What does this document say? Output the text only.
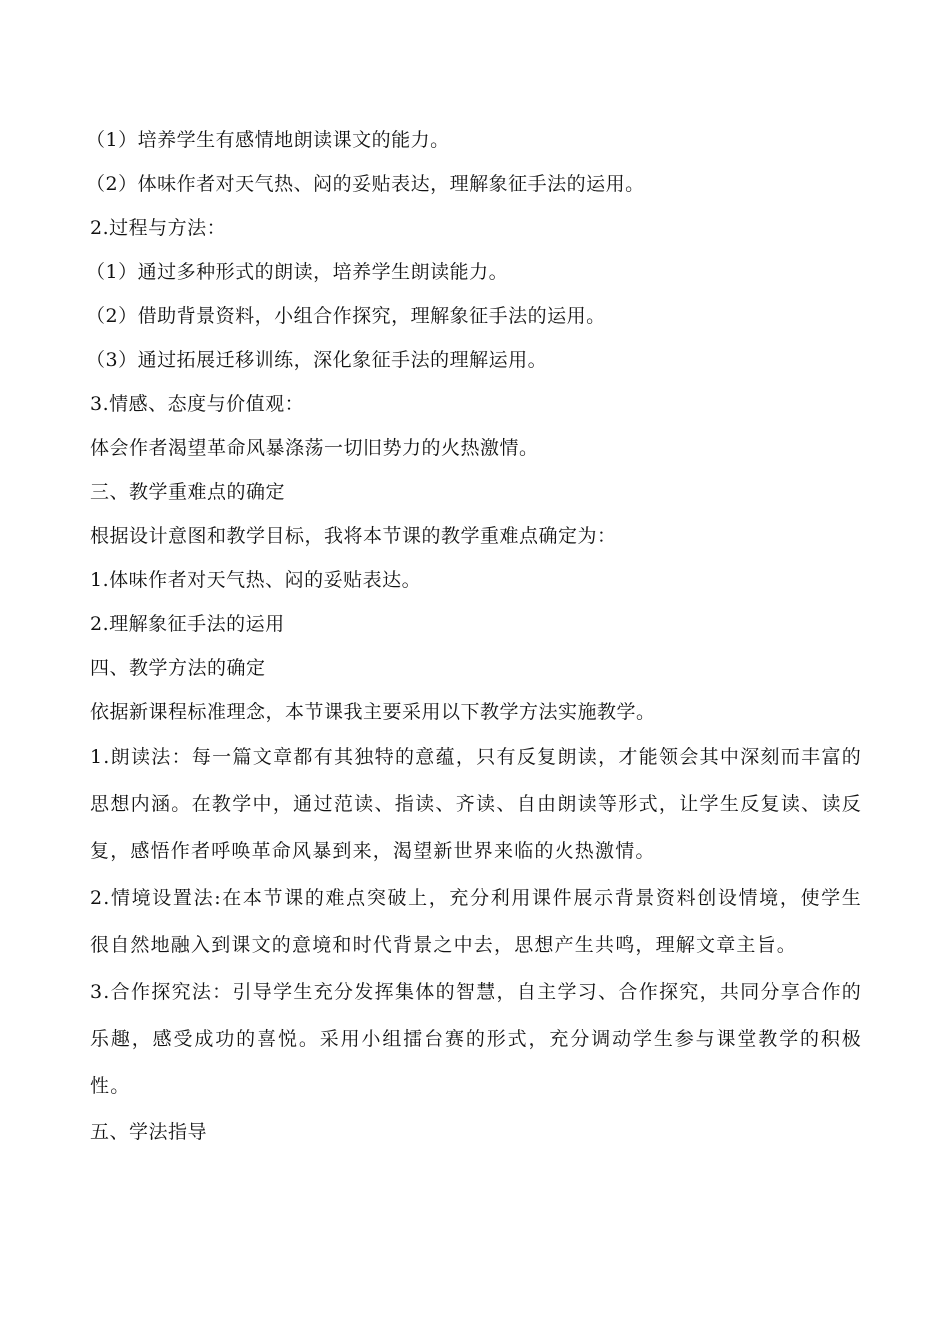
（1）培养学生有感情地朗读课文的能力。
（2）体味作者对天气热、闷的妥贴表达，理解象征手法的运用。
2.过程与方法：
（1）通过多种形式的朗读，培养学生朗读能力。
（2）借助背景资料，小组合作探究，理解象征手法的运用。
（3）通过拓展迁移训练，深化象征手法的理解运用。
3.情感、态度与价值观：
体会作者渴望革命风暴涤荡一切旧势力的火热激情。
三、教学重难点的确定
根据设计意图和教学目标，我将本节课的教学重难点确定为：
1.体味作者对天气热、闷的妥贴表达。
2.理解象征手法的运用
四、教学方法的确定
依据新课程标准理念，本节课我主要采用以下教学方法实施教学。
1.朗读法：每一篇文章都有其独特的意蕴，只有反复朗读，才能领会其中深刻而丰富的思想内涵。在教学中，通过范读、指读、齐读、自由朗读等形式，让学生反复读、读反复，感悟作者呼唤革命风暴到来，渴望新世界来临的火热激情。
2.情境设置法:在本节课的难点突破上，充分利用课件展示背景资料创设情境，使学生很自然地融入到课文的意境和时代背景之中去，思想产生共鸣，理解文章主旨。
3.合作探究法：引导学生充分发挥集体的智慧，自主学习、合作探究，共同分享合作的乐趣，感受成功的喜悦。采用小组擂台赛的形式，充分调动学生参与课堂教学的积极性。
五、学法指导
